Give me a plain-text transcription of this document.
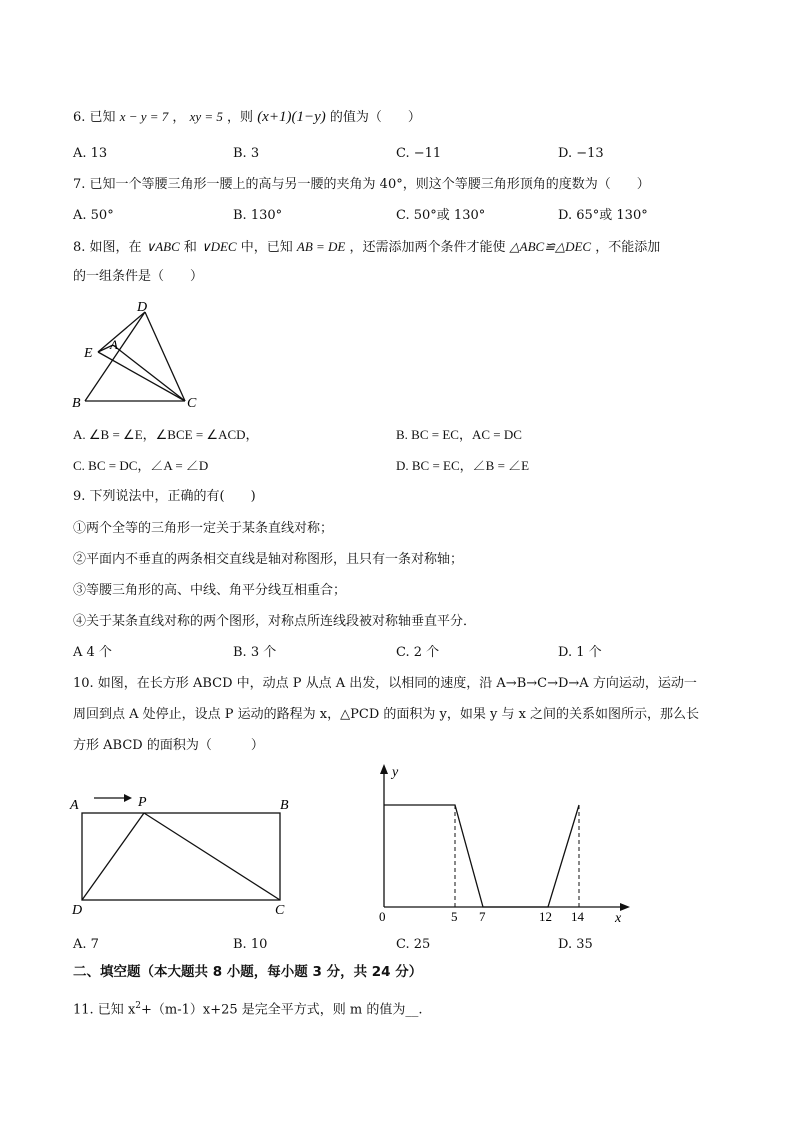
6. 已知 x − y = 7 ， xy = 5 ，则 (x+1)(1−y) 的值为（　　）
A. 13	B. 3	C. −11	D. −13
7. 已知一个等腰三角形一腰上的高与另一腰的夹角为 40°，则这个等腰三角形顶角的度数为（　　）
A. 50°	B. 130°	C. 50°或 130°	D. 65°或 130°
8. 如图，在 ∨ABC 和 ∨DEC 中，已知 AB = DE ，还需添加两个条件才能使 △ABC≌△DEC ，不能添加
的一组条件是（　　）
D
E
A
B	C
A. ∠B = ∠E，∠BCE = ∠ACD，	B. BC = EC，AC = DC
C. BC = DC，∠A = ∠D	D. BC = EC，∠B = ∠E
9. 下列说法中，正确的有(　　)
①两个全等的三角形一定关于某条直线对称；
②平面内不垂直的两条相交直线是轴对称图形，且只有一条对称轴；
③等腰三角形的高、中线、角平分线互相重合；
④关于某条直线对称的两个图形，对称点所连线段被对称轴垂直平分．
A 4 个	B. 3 个	C. 2 个	D. 1 个
10. 如图，在长方形 ABCD 中，动点 P 从点 A 出发，以相同的速度，沿 A→B→C→D→A 方向运动，运动一
周回到点 A 处停止，设点 P 运动的路程为 x，△PCD 的面积为 y，如果 y 与 x 之间的关系如图所示，那么长
方形 ABCD 的面积为（　　　）
A	P	B
D	C
y
x
0	5 7	12 14
A. 7	B. 10	C. 25	D. 35
二、填空题（本大题共 8 小题，每小题 3 分，共 24 分）
11. 已知 $x^2+(m-1)x+25$ 是完全平方式，则 m 的值为__.
